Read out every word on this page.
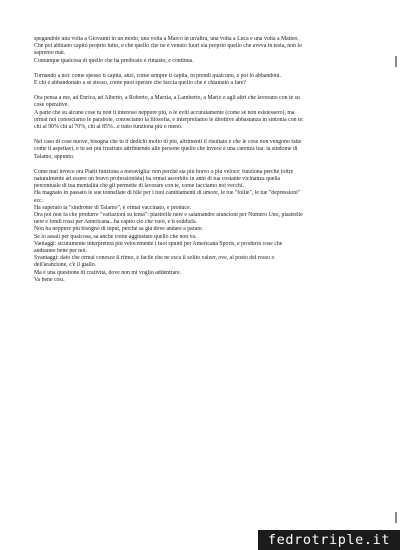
spegandole una volta a Giovanni in un modo, una volta a Marco in un'altra, una volta a Luca e una volta a Matteo.
Che poi abbiano capito proprio tutto, e che quello che ne è venuto fuori sia proprio quello che aveva in testa, non lo
sapremo mai.
Comunque qualcosa di quello che ha predicato è rimasto, e continua.
Tornando a noi: come spesso ti capita, anzi, come sempre ti capita, tu prendi qualcuno, e poi lo abbandoni.
E chi è abbandonato a se stesso, come puoi sperare che faccia quello che è chiamato a fare?
Ora pensa a me, ad Enrica, ad Alberto, a Roberto, a Marzia, a Lamberto, a Mario e agli altri che lavorano con te su
cose operative.
A parte che su alcune cose tu non ti interessi neppure più, o le eviti accuratamente (come se non esistessero), ma
ormai noi conosciamo le parabole, conosciamo la filosofia, e interpretiamo le direttive abbastanza in sintonia con te:
chi al 90% chi al 70%, chi al 85%...e tutto funziona più o meno.
Nel caso di cose nuove, bisogna che tu ti dedichi molto di più, altrimenti il risultato è che le cose non vengono fatte
come ti aspettavi, e tu sei più frustrato attribuendo alle persone quello che invece è una carenza tua: la sindome di
Talamo, appunto.
Come mai invece ora Piatti funziona a meraviglia: non perchè sia più bravo o più veloce: funziona perchè (oltre
naturalmente ad essere un bravo professionista) ha ormai assorbito in anni di tua costante vicinanza quella
percentuale di tua mentalità che gli permette di lavorare con te, come facciamo noi vecchi.
Ha magnato in passato le sue tonnellate di bile per i tuoi cambiamenti di umore, le tue "follie", le tue "depressioni"
ecc.
Ha superato la "sindrome di Talamo", è ormai vaccinato, e produce.
Ora poi non fa che produrre "variazioni su tema": piastrelle nere e salamandre arancioni per Numero Uno, piastrelle
nere e fondi rossi per Americana...ha capito ciò che vuoi, e ti soddisfa.
Non ha neppure più bisogno di input, perchè sa già dove andare a parare.
Se lo assali per qualcosa, sa anche come aggiustare quello che non va.
Vantaggi: sicuramente interpreterà più velocemente i tuoi spunti per Americana Sports, e produrrà cose che
andranno bene per noi.
Svantaggi: dato che ormai conosce il ritmo, è facile che ne esca il solito valzer, ove, al posto del rosso o
dell'arancione, c'è il giallo.
Ma è una questione di crativitá, dove non mi voglio addentrare.
Va bene così.
fedrotriple.it
